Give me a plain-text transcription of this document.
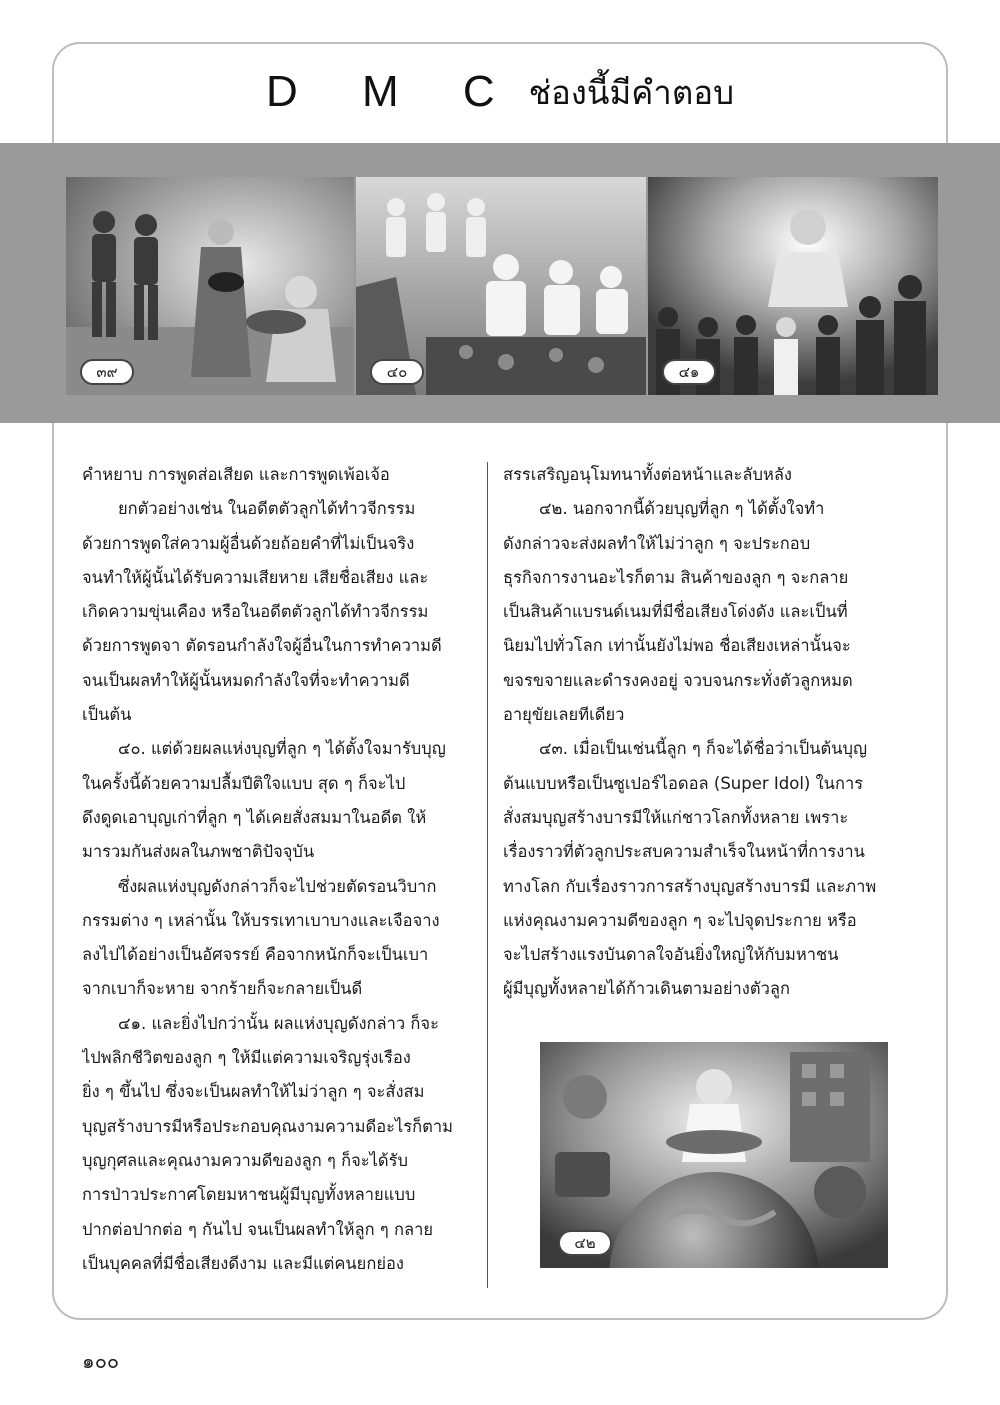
D M C ช่องนี้มีคำตอบ
๓๙	๔๐	๔๑
คำหยาบ การพูดส่อเสียด และการพูดเพ้อเจ้อ
ยกตัวอย่างเช่น ในอดีตตัวลูกได้ทำวจีกรรม
ด้วยการพูดใส่ความผู้อื่นด้วยถ้อยคำที่ไม่เป็นจริง
จนทำให้ผู้นั้นได้รับความเสียหาย เสียชื่อเสียง และ
เกิดความขุ่นเคือง หรือในอดีตตัวลูกได้ทำวจีกรรม
ด้วยการพูดจา ตัดรอนกำลังใจผู้อื่นในการทำความดี
จนเป็นผลทำให้ผู้นั้นหมดกำลังใจที่จะทำความดี
เป็นต้น
๔๐. แต่ด้วยผลแห่งบุญที่ลูก ๆ ได้ตั้งใจมารับบุญ
ในครั้งนี้ด้วยความปลื้มปีติใจแบบ สุด ๆ ก็จะไป
ดึงดูดเอาบุญเก่าที่ลูก ๆ ได้เคยสั่งสมมาในอดีต ให้
มารวมกันส่งผลในภพชาติปัจจุบัน
ซึ่งผลแห่งบุญดังกล่าวก็จะไปช่วยตัดรอนวิบาก
กรรมต่าง ๆ เหล่านั้น ให้บรรเทาเบาบางและเจือจาง
ลงไปได้อย่างเป็นอัศจรรย์ คือจากหนักก็จะเป็นเบา
จากเบาก็จะหาย จากร้ายก็จะกลายเป็นดี
๔๑. และยิ่งไปกว่านั้น ผลแห่งบุญดังกล่าว ก็จะ
ไปพลิกชีวิตของลูก ๆ ให้มีแต่ความเจริญรุ่งเรือง
ยิ่ง ๆ ขึ้นไป ซึ่งจะเป็นผลทำให้ไม่ว่าลูก ๆ จะสั่งสม
บุญสร้างบารมีหรือประกอบคุณงามความดีอะไรก็ตาม
บุญกุศลและคุณงามความดีของลูก ๆ ก็จะได้รับ
การป่าวประกาศโดยมหาชนผู้มีบุญทั้งหลายแบบ
ปากต่อปากต่อ ๆ กันไป จนเป็นผลทำให้ลูก ๆ กลาย
เป็นบุคคลที่มีชื่อเสียงดีงาม และมีแต่คนยกย่อง
สรรเสริญอนุโมทนาทั้งต่อหน้าและลับหลัง
๔๒. นอกจากนี้ด้วยบุญที่ลูก ๆ ได้ตั้งใจทำ
ดังกล่าวจะส่งผลทำให้ไม่ว่าลูก ๆ จะประกอบ
ธุรกิจการงานอะไรก็ตาม สินค้าของลูก ๆ จะกลาย
เป็นสินค้าแบรนด์เนมที่มีชื่อเสียงโด่งดัง และเป็นที่
นิยมไปทั่วโลก เท่านั้นยังไม่พอ ชื่อเสียงเหล่านั้นจะ
ขจรขจายและดำรงคงอยู่ จวบจนกระทั่งตัวลูกหมด
อายุขัยเลยทีเดียว
๔๓. เมื่อเป็นเช่นนี้ลูก ๆ ก็จะได้ชื่อว่าเป็นต้นบุญ
ต้นแบบหรือเป็นซูเปอร์ไอดอล (Super Idol) ในการ
สั่งสมบุญสร้างบารมีให้แก่ชาวโลกทั้งหลาย เพราะ
เรื่องราวที่ตัวลูกประสบความสำเร็จในหน้าที่การงาน
ทางโลก กับเรื่องราวการสร้างบุญสร้างบารมี และภาพ
แห่งคุณงามความดีของลูก ๆ จะไปจุดประกาย หรือ
จะไปสร้างแรงบันดาลใจอันยิ่งใหญ่ให้กับมหาชน
ผู้มีบุญทั้งหลายได้ก้าวเดินตามอย่างตัวลูก
๔๒
๑๐๐
